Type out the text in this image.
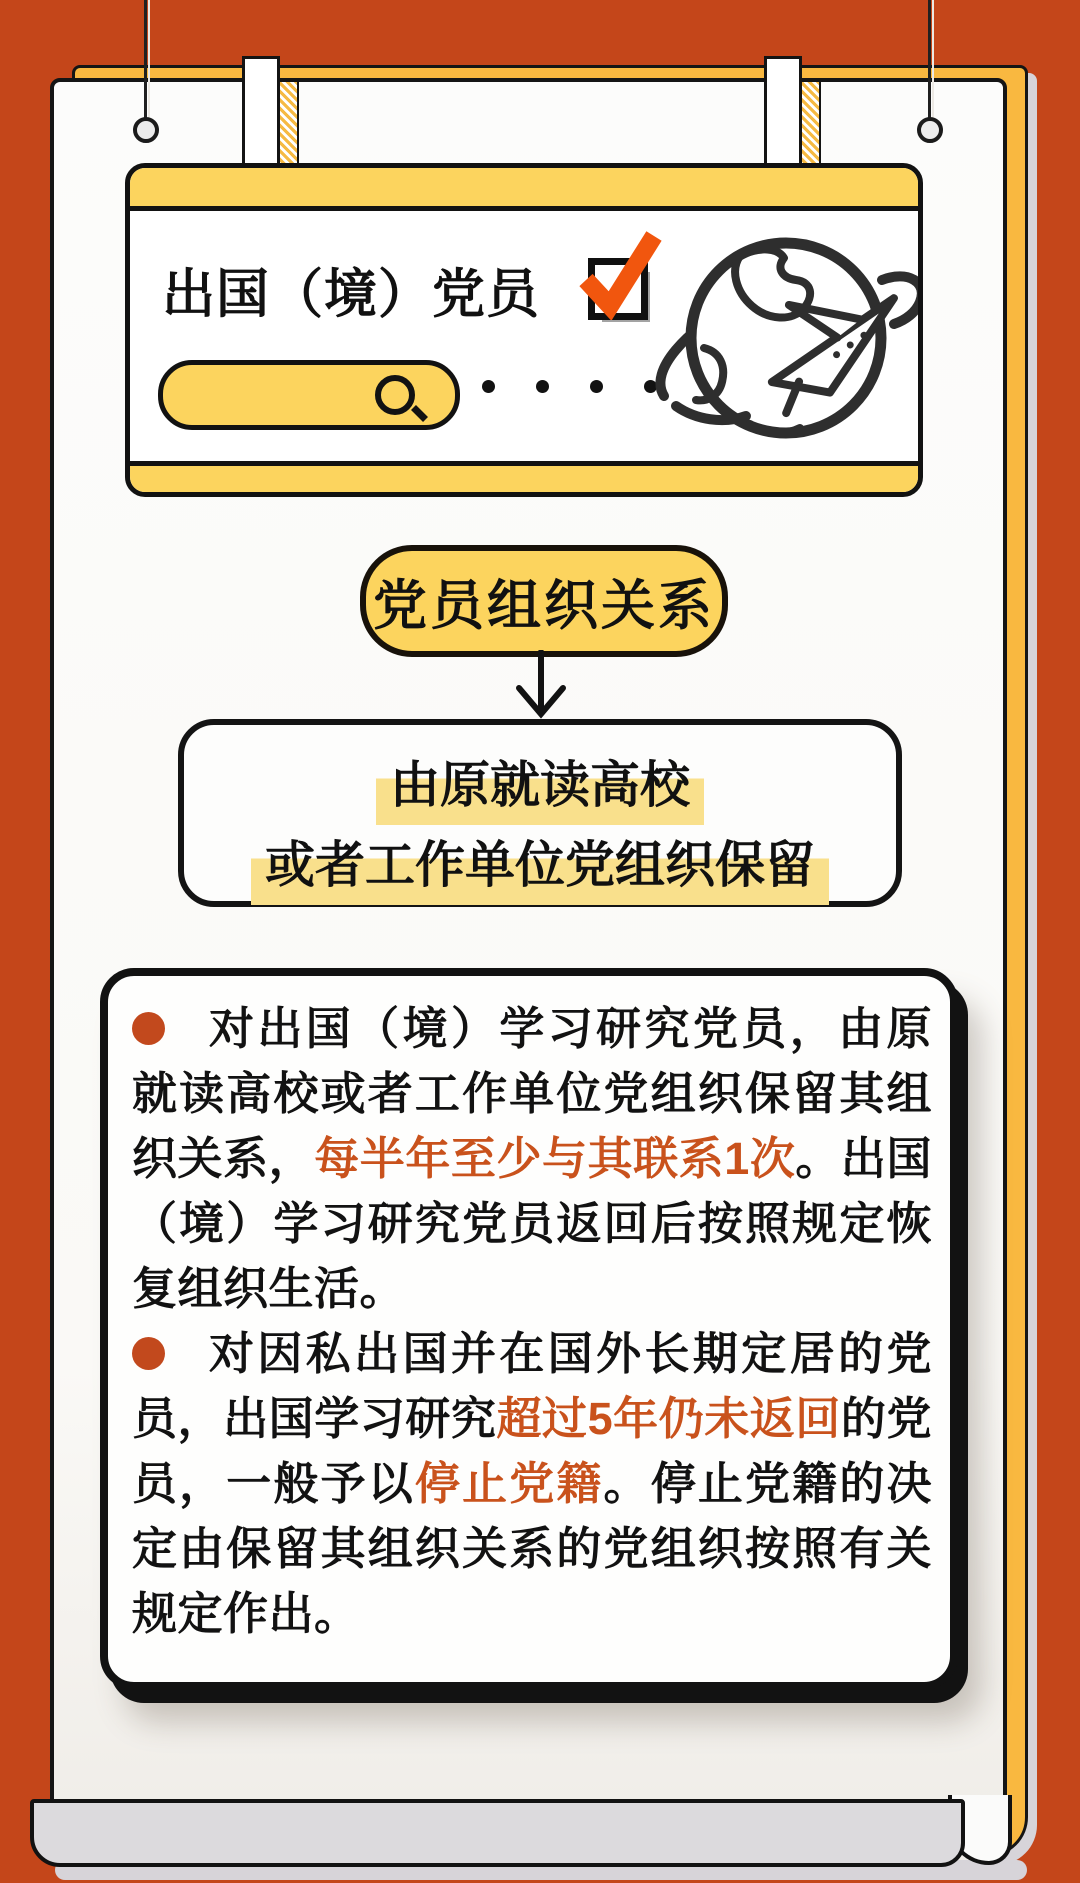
出国（境）党员
党员组织关系
由原就读高校
或者工作单位党组织保留
对出国（境）学习研究党员，由原
就读高校或者工作单位党组织保留其组
织关系，每半年至少与其联系1次。出国
（境）学习研究党员返回后按照规定恢
复组织生活。
对因私出国并在国外长期定居的党
员，出国学习研究超过5年仍未返回的党
员，一般予以停止党籍。停止党籍的决
定由保留其组织关系的党组织按照有关
规定作出。
